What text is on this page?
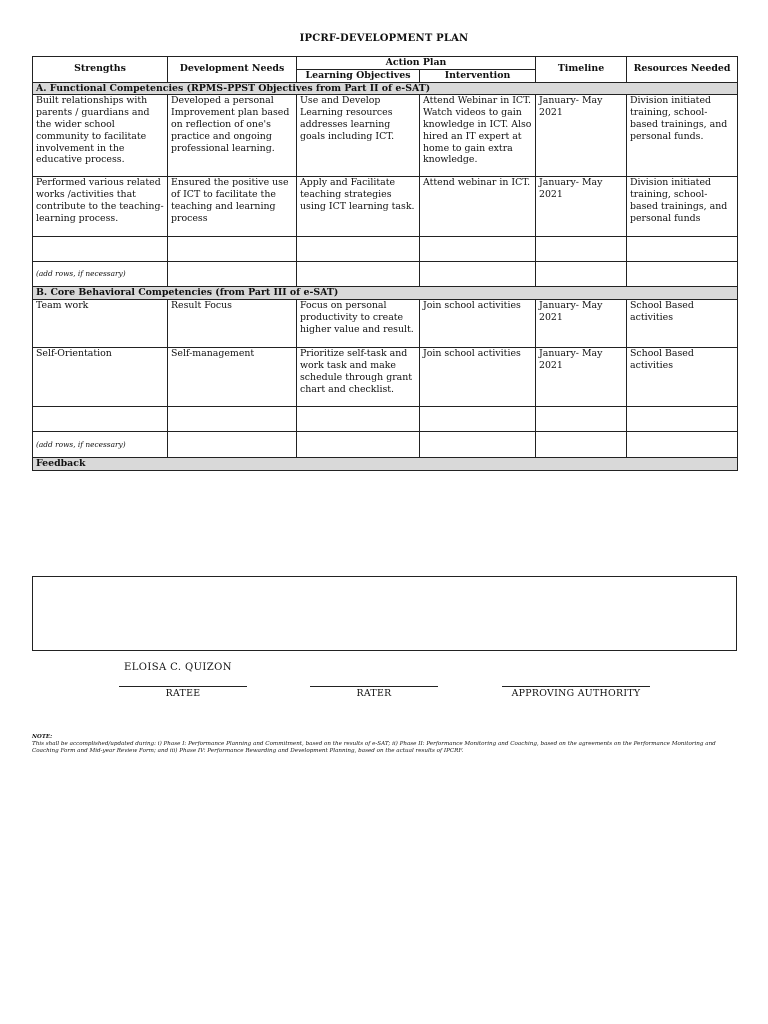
IPCRF-DEVELOPMENT PLAN
Strengths	Development Needs	Action Plan		Timeline	Resources Needed
		Learning Objectives	Intervention		
A. Functional Competencies (RPMS-PPST Objectives from Part II of e-SAT)					
Built relationships with parents / guardians and the wider school community to facilitate involvement in the educative process.	Developed a personal Improvement plan based on reflection of one's practice and ongoing professional learning.	Use and Develop Learning resources addresses learning goals including ICT.	Attend Webinar in ICT. Watch videos to gain knowledge in ICT. Also hired an IT expert at home to gain extra knowledge.	January- May 2021	Division initiated training, school-based trainings, and personal funds.
Performed various related works /activities that contribute to the teaching-learning process.	Ensured the positive use of ICT to facilitate the teaching and learning process	Apply and Facilitate teaching strategies using ICT learning task.	Attend webinar in ICT.	January- May 2021	Division initiated training, school-based trainings, and personal funds

(add rows, if necessary)					
B. Core Behavioral Competencies (from Part III of e-SAT)					
Team work	Result Focus	Focus on personal productivity to create higher value and result.	Join school activities	January- May 2021	School Based activities
Self-Orientation	Self-management	Prioritize self-task and work task and make schedule through grant chart and checklist.	Join school activities	January- May 2021	School Based activities

(add rows, if necessary)					
Feedback					
ELOISA C. QUIZON
RATEE	RATER	APPROVING AUTHORITY
NOTE:
This shall be accomplished/updated during: i) Phase I: Performance Planning and Commitment, based on the results of e-SAT; ii) Phase II: Performance Monitoring and Coaching, based on the agreements on the Performance Monitoring and Coaching Form and Mid-year Review Form; and iii) Phase IV: Performance Rewarding and Development Planning, based on the actual results of IPCRF.
